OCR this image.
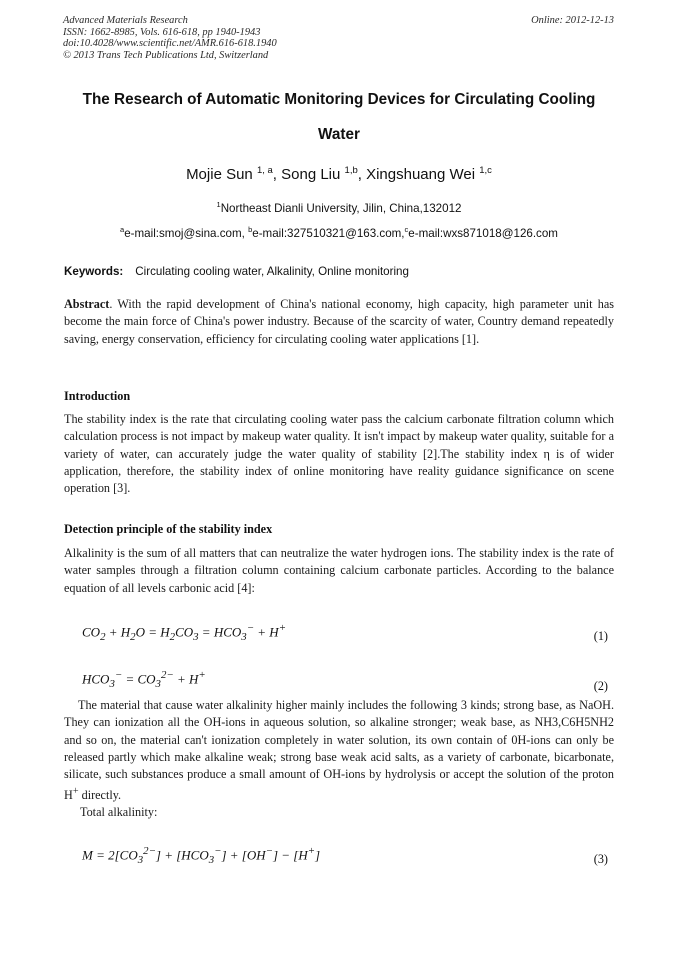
Advanced Materials Research
ISSN: 1662-8985, Vols. 616-618, pp 1940-1943
doi:10.4028/www.scientific.net/AMR.616-618.1940
© 2013 Trans Tech Publications Ltd, Switzerland
Online: 2012-12-13
The Research of Automatic Monitoring Devices for Circulating Cooling
Water
Mojie Sun $^{1, a}$, Song Liu $^{1,b}$, Xingshuang Wei $^{1,c}$
$^1$Northeast Dianli University, Jilin, China,132012
$^a$e-mail:smoj@sina.com, $^b$e-mail:327510321@163.com,$^c$e-mail:wxs871018@126.com
Keywords: Circulating cooling water, Alkalinity, Online monitoring
Abstract. With the rapid development of China's national economy, high capacity, high parameter unit has become the main force of China's power industry. Because of the scarcity of water, Country demand repeatedly saving, energy conservation, efficiency for circulating cooling water applications [1].
Introduction
The stability index is the rate that circulating cooling water pass the calcium carbonate filtration column which calculation process is not impact by makeup water quality. It isn't impact by makeup water quality, suitable for a variety of water, can accurately judge the water quality of stability [2].The stability index η is of wider application, therefore, the stability index of online monitoring have reality guidance significance on scene operation [3].
Detection principle of the stability index
Alkalinity is the sum of all matters that can neutralize the water hydrogen ions. The stability index is the rate of water samples through a filtration column containing calcium carbonate particles. According to the balance equation of all levels carbonic acid [4]:
$CO_2 + H_2O = H_2CO_3 = HCO_3^- + H^+$
(1)
$HCO_3^- = CO_3^{2-} + H^+$
(2)
The material that cause water alkalinity higher mainly includes the following 3 kinds; strong base, as NaOH. They can ionization all the OH-ions in aqueous solution, so alkaline stronger; weak base, as NH3,C6H5NH2 and so on, the material can't ionization completely in water solution, its own contain of 0H-ions can only be released partly which make alkaline weak; strong base weak acid salts, as a variety of carbonate, bicarbonate, silicate, such substances produce a small amount of OH-ions by hydrolysis or accept the solution of the proton H+ directly.
Total alkalinity:
$M = 2[CO_3^{2-}] + [HCO_3^-] + [OH^-] - [H^+]$	(3)
